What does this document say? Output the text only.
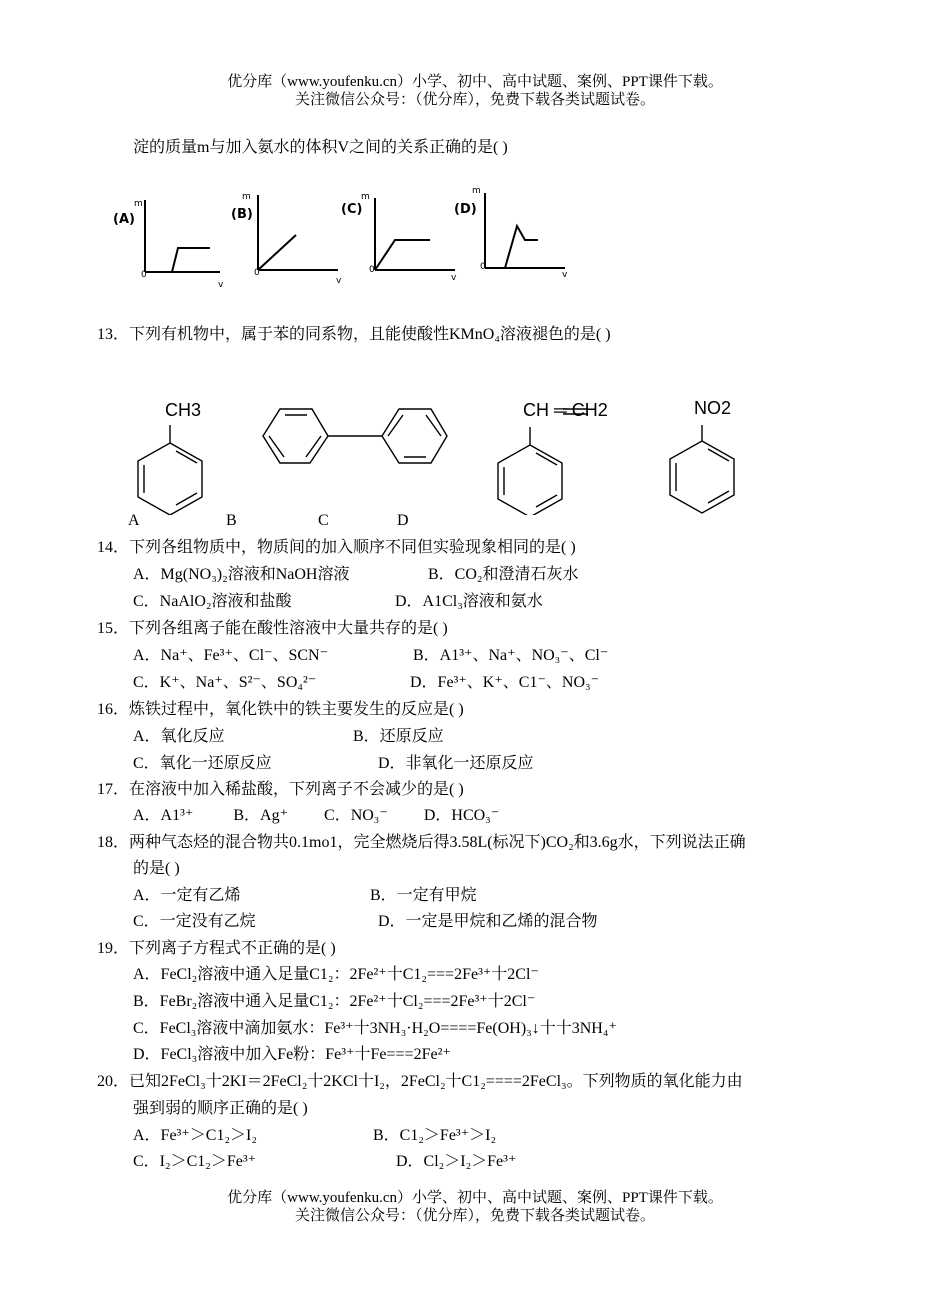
优分库（www.youfenku.cn）小学、初中、高中试题、案例、PPT课件下载。
关注微信公众号：（优分库），免费下载各类试题试卷。
淀的质量m与加入氨水的体积V之间的关系正确的是( )
(A)
m
0
v
(B)
m
0
v
(C)
m
0
v
(D)
m
0
v
13．下列有机物中，属于苯的同系物，且能使酸性KMnO₄溶液褪色的是( )
CH3	CH ═ CH2	NO2
A	B	C	D
14．下列各组物质中，物质间的加入顺序不同但实验现象相同的是( )
A．Mg(NO₃)₂溶液和NaOH溶液	B．CO₂和澄清石灰水
C．NaAlO₂溶液和盐酸	D．A1Cl₃溶液和氨水
15．下列各组离子能在酸性溶液中大量共存的是( )
A．Na⁺、Fe³⁺、Cl⁻、SCN⁻	B．A1³⁺、Na⁺、NO₃⁻、Cl⁻
C．K⁺、Na⁺、S²⁻、SO₄²⁻	D．Fe³⁺、K⁺、C1⁻、NO₃⁻
16．炼铁过程中，氧化铁中的铁主要发生的反应是( )
A．氧化反应	B．还原反应
C．氧化一还原反应	D．非氧化一还原反应
17．在溶液中加入稀盐酸，下列离子不会减少的是( )
A．A1³⁺          B．Ag⁺         C．NO₃⁻         D．HCO₃⁻
18．两种气态烃的混合物共0.1mo1，完全燃烧后得3.58L(标况下)CO₂和3.6g水，下列说法正确
的是( )
A．一定有乙烯	B．一定有甲烷
C．一定没有乙烷	D．一定是甲烷和乙烯的混合物
19．下列离子方程式不正确的是( )
A．FeCl₂溶液中通入足量C1₂：2Fe²⁺十C1₂===2Fe³⁺十2Cl⁻
B．FeBr₂溶液中通入足量C1₂：2Fe²⁺十Cl₂===2Fe³⁺十2Cl⁻
C．FeCl₃溶液中滴加氨水：Fe³⁺十3NH₃·H₂O====Fe(OH)₃↓十十3NH₄⁺
D．FeCl₃溶液中加入Fe粉：Fe³⁺十Fe===2Fe²⁺
20．已知2FeCl₃十2KI＝2FeCl₂十2KCl十I₂，2FeCl₂十C1₂====2FeCl₃。下列物质的氧化能力由
强到弱的顺序正确的是( )
A．Fe³⁺＞C1₂＞I₂	B．C1₂＞Fe³⁺＞I₂
C．I₂＞C1₂＞Fe³⁺	D．Cl₂＞I₂＞Fe³⁺
优分库（www.youfenku.cn）小学、初中、高中试题、案例、PPT课件下载。
关注微信公众号：（优分库），免费下载各类试题试卷。
